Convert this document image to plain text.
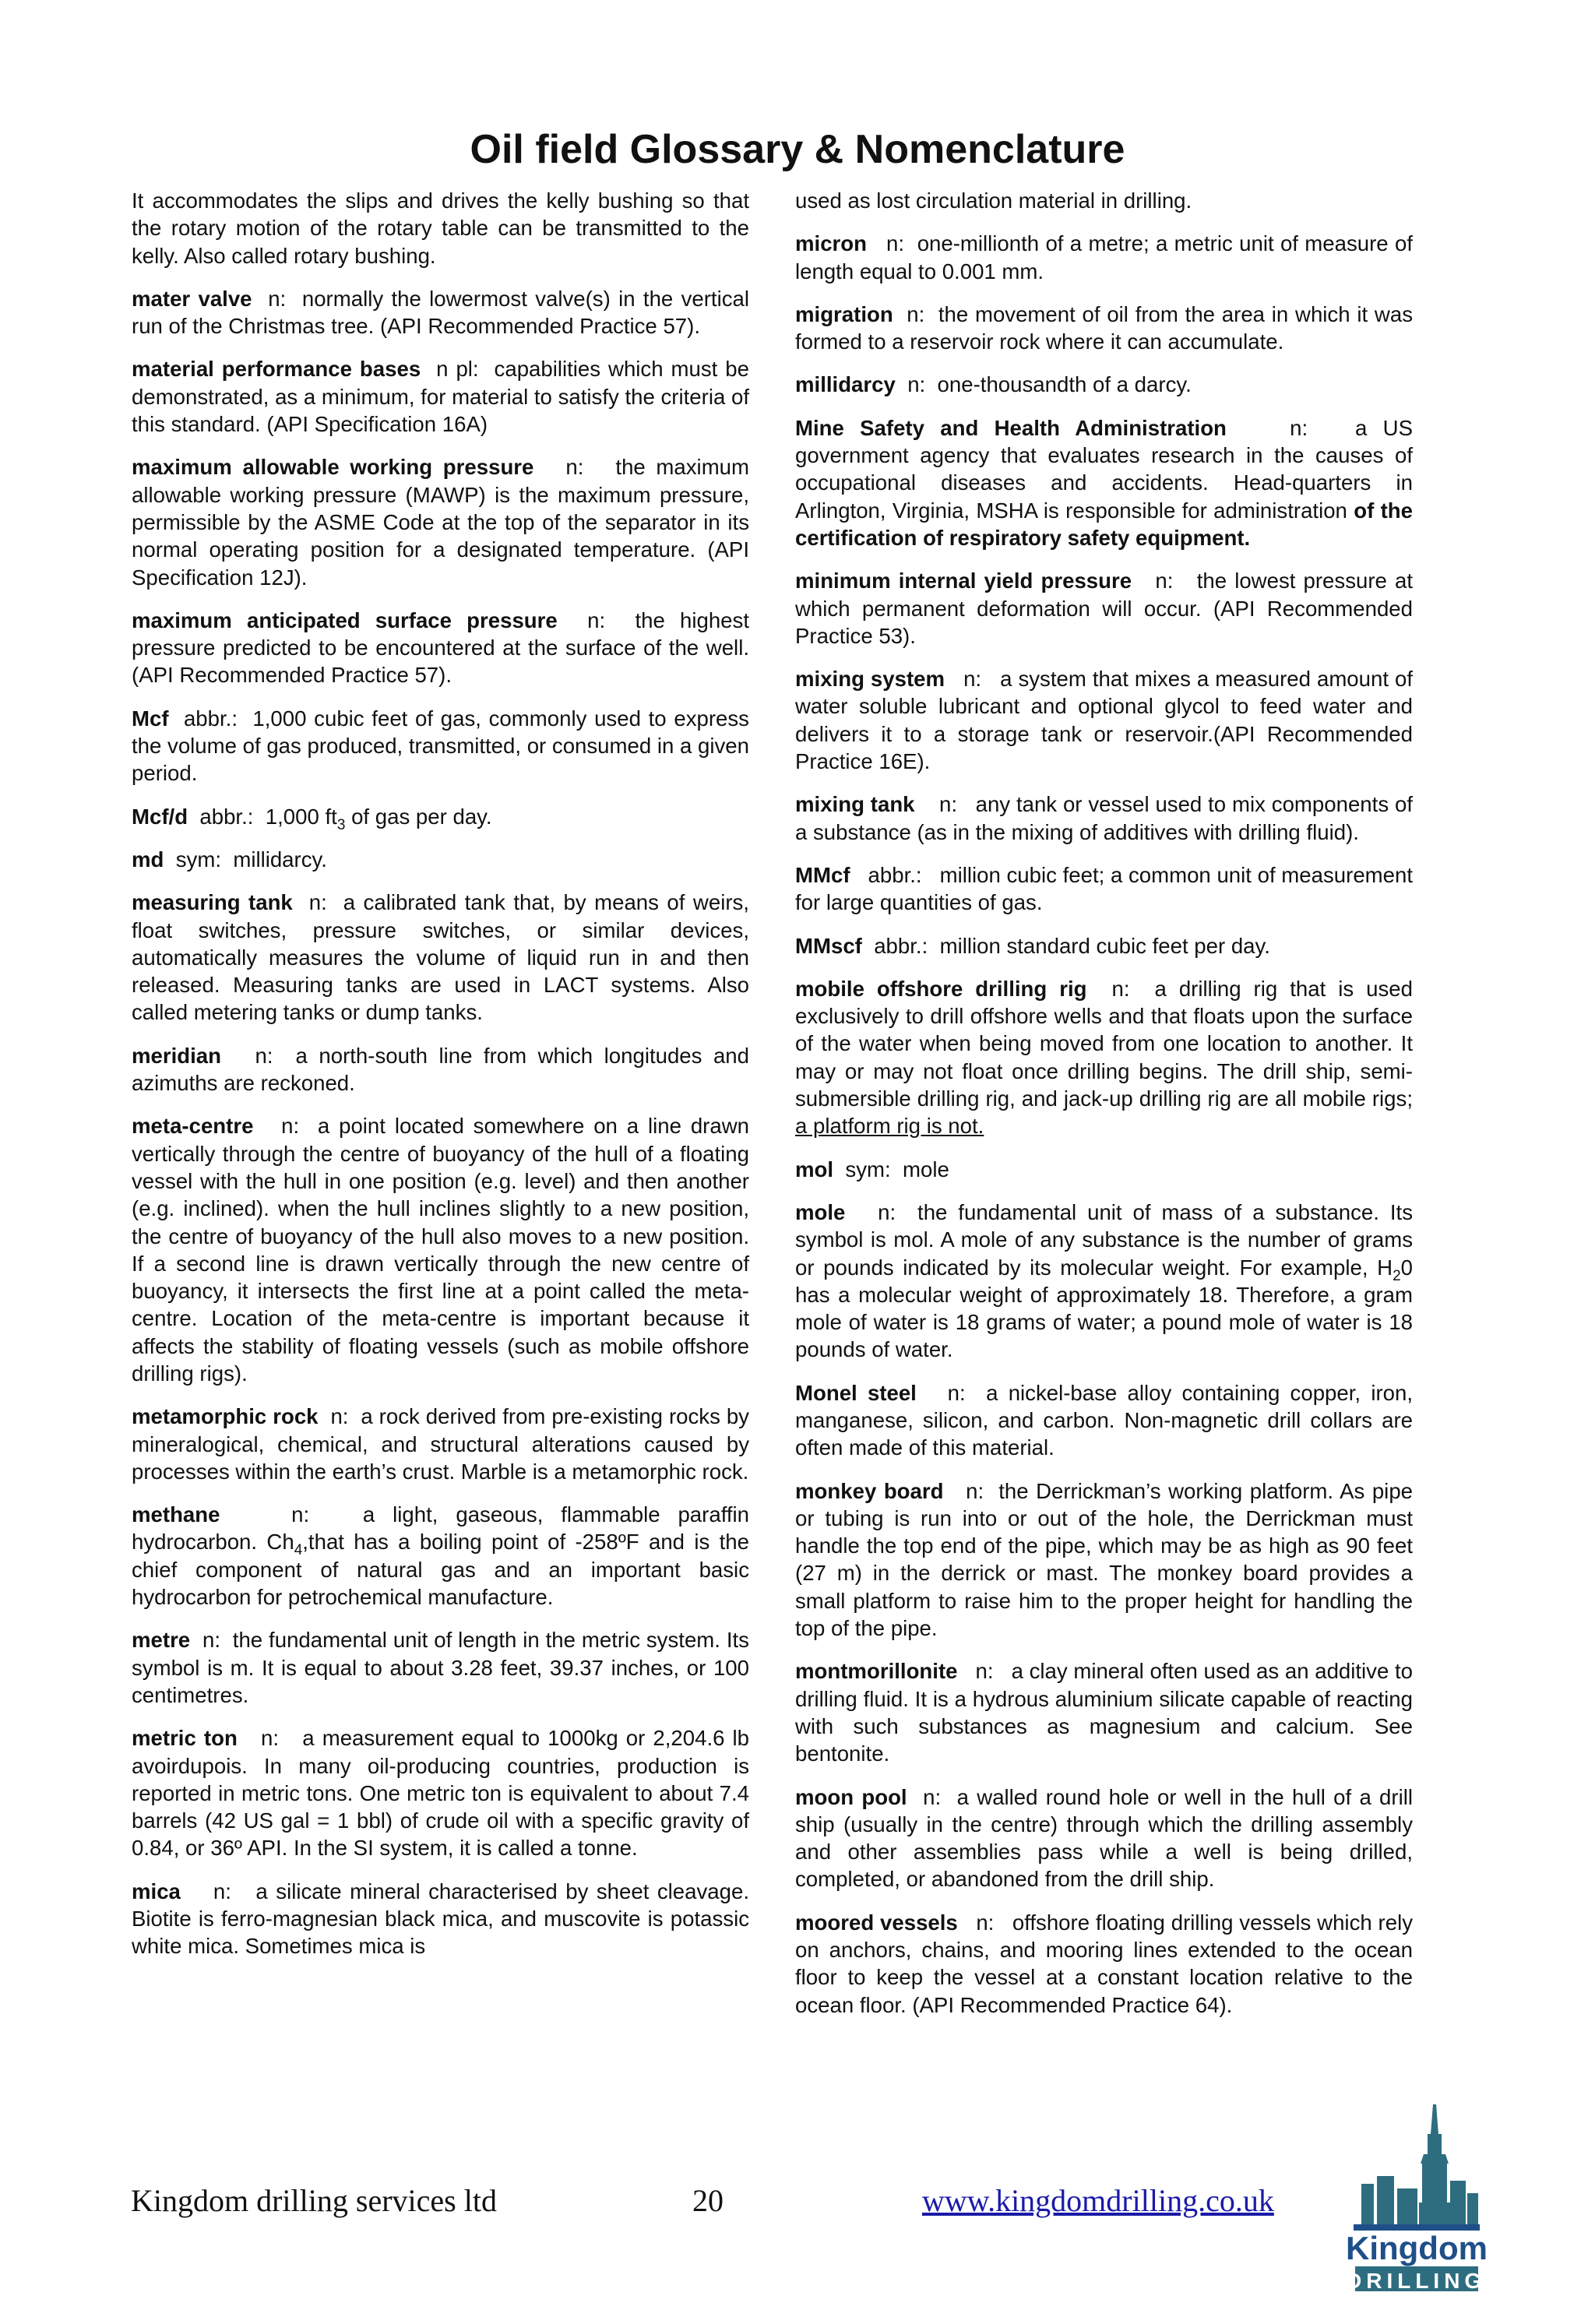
Oil field Glossary & Nomenclature

It accommodates the slips and drives the kelly bushing so that the rotary motion of the rotary table can be transmitted to the kelly. Also called rotary bushing.

mater valve n: normally the lowermost valve(s) in the vertical run of the Christmas tree. (API Recommended Practice 57).

material performance bases n pl: capabilities which must be demonstrated, as a minimum, for material to satisfy the criteria of this standard. (API Specification 16A)

maximum allowable working pressure n: the maximum allowable working pressure (MAWP) is the maximum pressure, permissible by the ASME Code at the top of the separator in its normal operating position for a designated temperature. (API Specification 12J).

maximum anticipated surface pressure n: the highest pressure predicted to be encountered at the surface of the well. (API Recommended Practice 57).

Mcf abbr.: 1,000 cubic feet of gas, commonly used to express the volume of gas produced, transmitted, or consumed in a given period.

Mcf/d abbr.: 1,000 $ft_3$ of gas per day.

md sym: millidarcy.

measuring tank n: a calibrated tank that, by means of weirs, float switches, pressure switches, or similar devices, automatically measures the volume of liquid run in and then released. Measuring tanks are used in LACT systems. Also called metering tanks or dump tanks.

meridian n: a north-south line from which longitudes and azimuths are reckoned.

meta-centre n: a point located somewhere on a line drawn vertically through the centre of buoyancy of the hull of a floating vessel with the hull in one position (e.g. level) and then another (e.g. inclined). when the hull inclines slightly to a new position, the centre of buoyancy of the hull also moves to a new position. If a second line is drawn vertically through the new centre of buoyancy, it intersects the first line at a point called the meta-centre. Location of the meta-centre is important because it affects the stability of floating vessels (such as mobile offshore drilling rigs).

metamorphic rock n: a rock derived from pre-existing rocks by mineralogical, chemical, and structural alterations caused by processes within the earth’s crust. Marble is a metamorphic rock.

methane	n: a light, gaseous, flammable paraffin hydrocarbon. $Ch_4,that$ has a boiling point of -258ºF and is the chief component of natural gas and an important basic hydrocarbon for petrochemical manufacture.

metre n: the fundamental unit of length in the metric system. Its symbol is m. It is equal to about 3.28 feet, 39.37 inches, or 100 centimetres.

metric ton n: a measurement equal to 1000kg or 2,204.6 lb avoirdupois. In many oil-producing countries, production is reported in metric tons. One metric ton is equivalent to about 7.4 barrels (42 US gal = 1 bbl) of crude oil with a specific gravity of 0.84, or 36º API. In the SI system, it is called a tonne.

mica n: a silicate mineral characterised by sheet cleavage. Biotite is ferro-magnesian black mica, and muscovite is potassic white mica. Sometimes mica is

used as lost circulation material in drilling.

micron n: one-millionth of a metre; a metric unit of measure of length equal to 0.001 mm.

migration n: the movement of oil from the area in which it was formed to a reservoir rock where it can accumulate.

millidarcy n: one-thousandth of a darcy.

Mine Safety and Health Administration	n: a US government agency that evaluates research in the causes of occupational diseases and accidents. Head-quarters in Arlington, Virginia, MSHA is responsible for administration of the certification of respiratory safety equipment.

minimum internal yield pressure n: the lowest pressure at which permanent deformation will occur. (API Recommended Practice 53).

mixing system n: a system that mixes a measured amount of water soluble lubricant and optional glycol to feed water and delivers it to a storage tank or reservoir.(API Recommended Practice 16E).

mixing tank n: any tank or vessel used to mix components of a substance (as in the mixing of additives with drilling fluid).

MMcf abbr.: million cubic feet; a common unit of measurement for large quantities of gas.

MMscf abbr.: million standard cubic feet per day.

mobile offshore drilling rig n: a drilling rig that is used exclusively to drill offshore wells and that floats upon the surface of the water when being moved from one location to another. It may or may not float once drilling begins. The drill ship, semi-submersible drilling rig, and jack-up drilling rig are all mobile rigs; a platform rig is not.

mol sym: mole

mole n: the fundamental unit of mass of a substance. Its symbol is mol. A mole of any substance is the number of grams or pounds indicated by its molecular weight. For example, $H_20$ has a molecular weight of approximately 18. Therefore, a gram mole of water is 18 grams of water; a pound mole of water is 18 pounds of water.

Monel steel n: a nickel-base alloy containing copper, iron, manganese, silicon, and carbon. Non-magnetic drill collars are often made of this material.

monkey board n: the Derrickman’s working platform. As pipe or tubing is run into or out of the hole, the Derrickman must handle the top end of the pipe, which may be as high as 90 feet (27 m) in the derrick or mast. The monkey board provides a small platform to raise him to the proper height for handling the top of the pipe.

montmorillonite n: a clay mineral often used as an additive to drilling fluid. It is a hydrous aluminium silicate capable of reacting with such substances as magnesium and calcium. See bentonite.

moon pool n: a walled round hole or well in the hull of a drill ship (usually in the centre) through which the drilling assembly and other assemblies pass while a well is being drilled, completed, or abandoned from the drill ship.

moored vessels n: offshore floating drilling vessels which rely on anchors, chains, and mooring lines extended to the ocean floor to keep the vessel at a constant location relative to the ocean floor. (API Recommended Practice 64).

Kingdom drilling services ltd	20	www.kingdomdrilling.co.uk
Kingdom
DRILLING
